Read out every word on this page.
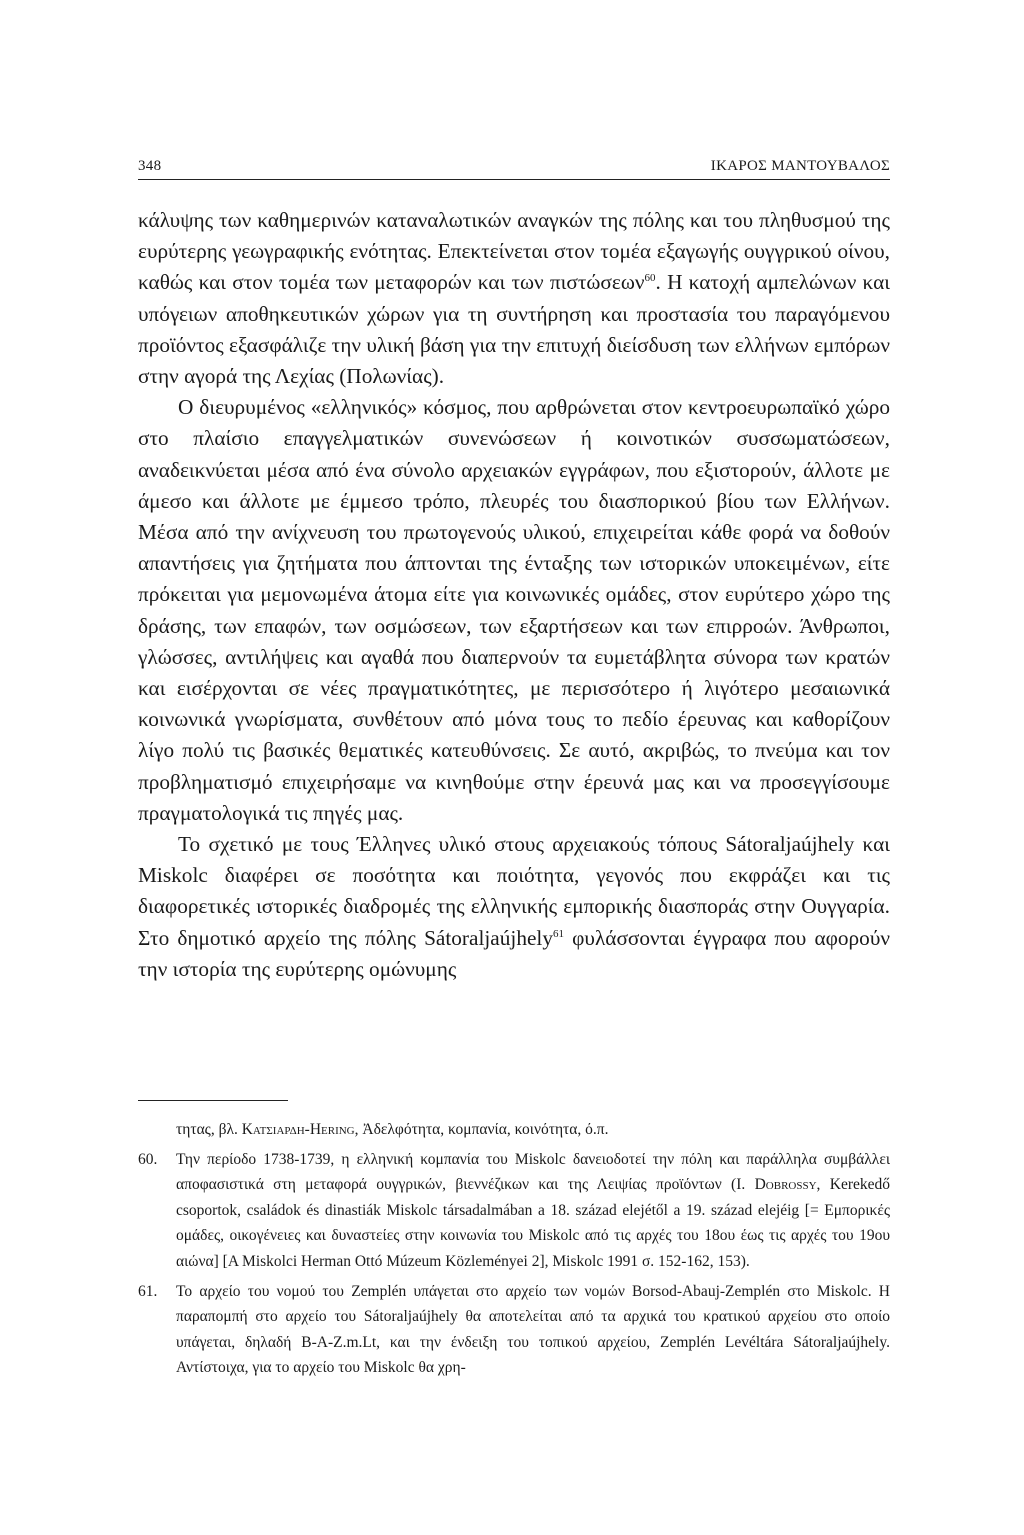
348	ΙΚΑΡΟΣ ΜΑΝΤΟΥΒΑΛΟΣ

κάλυψης των καθημερινών καταναλωτικών αναγκών της πόλης και του πληθυσμού της ευρύτερης γεωγραφικής ενότητας. Επεκτείνεται στον τομέα εξαγωγής ουγγρικού οίνου, καθώς και στον τομέα των μεταφορών και των πιστώσεων$^{60}$. Η κατοχή αμπελώνων και υπόγειων αποθηκευτικών χώρων για τη συντήρηση και προστασία του παραγόμενου προϊόντος εξασφάλιζε την υλική βάση για την επιτυχή διείσδυση των ελλήνων εμπόρων στην αγορά της Λεχίας (Πολωνίας).

Ο διευρυμένος «ελληνικός» κόσμος, που αρθρώνεται στον κεντροευρωπαϊκό χώρο στο πλαίσιο επαγγελματικών συνενώσεων ή κοινοτικών συσσωματώσεων, αναδεικνύεται μέσα από ένα σύνολο αρχειακών εγγράφων, που εξιστορούν, άλλοτε με άμεσο και άλλοτε με έμμεσο τρόπο, πλευρές του διασπορικού βίου των Ελλήνων. Μέσα από την ανίχνευση του πρωτογενούς υλικού, επιχειρείται κάθε φορά να δοθούν απαντήσεις για ζητήματα που άπτονται της ένταξης των ιστορικών υποκειμένων, είτε πρόκειται για μεμονωμένα άτομα είτε για κοινωνικές ομάδες, στον ευρύτερο χώρο της δράσης, των επαφών, των οσμώσεων, των εξαρτήσεων και των επιρροών. Άνθρωποι, γλώσσες, αντιλήψεις και αγαθά που διαπερνούν τα ευμετάβλητα σύνορα των κρατών και εισέρχονται σε νέες πραγματικότητες, με περισσότερο ή λιγότερο μεσαιωνικά κοινωνικά γνωρίσματα, συνθέτουν από μόνα τους το πεδίο έρευνας και καθορίζουν λίγο πολύ τις βασικές θεματικές κατευθύνσεις. Σε αυτό, ακριβώς, το πνεύμα και τον προβληματισμό επιχειρήσαμε να κινηθούμε στην έρευνά μας και να προσεγγίσουμε πραγματολογικά τις πηγές μας.

Το σχετικό με τους Έλληνες υλικό στους αρχειακούς τόπους Sátoraljaújhely και Miskolc διαφέρει σε ποσότητα και ποιότητα, γεγονός που εκφράζει και τις διαφορετικές ιστορικές διαδρομές της ελληνικής εμπορικής διασποράς στην Ουγγαρία. Στο δημοτικό αρχείο της πόλης Sátoraljaújhely$^{61}$ φυλάσσονται έγγραφα που αφορούν την ιστορία της ευρύτερης ομώνυμης

τητας, βλ. Κατσιαρδη-Hering, Ἀδελφότητα, κομπανία, κοινότητα, ό.π.
60.	Την περίοδο 1738-1739, η ελληνική κομπανία του Miskolc δανειοδοτεί την πόλη και παράλληλα συμβάλλει αποφασιστικά στη μεταφορά ουγγρικών, βιεννέζικων και της Λειψίας προϊόντων (I. Dobrossy, Kerekedő csoportok, családok és dinastiák Miskolc társadalmában a 18. század elejétől a 19. század elejéig [= Εμπορικές ομάδες, οικογένειες και δυναστείες στην κοινωνία του Miskolc από τις αρχές του 18ου έως τις αρχές του 19ου αιώνα] [A Miskolci Herman Ottó Múzeum Közleményei 2], Miskolc 1991 σ. 152-162, 153).
61.	Το αρχείο του νομού του Zemplén υπάγεται στο αρχείο των νομών Borsod-Abauj-Zemplén στο Miskolc. Η παραπομπή στο αρχείο του Sátoraljaújhely θα αποτελείται από τα αρχικά του κρατικού αρχείου στο οποίο υπάγεται, δηλαδή B-A-Z.m.Lt, και την ένδειξη του τοπικού αρχείου, Zemplén Levéltára Sátoraljaújhely. Αντίστοιχα, για το αρχείο του Miskolc θα χρη-
